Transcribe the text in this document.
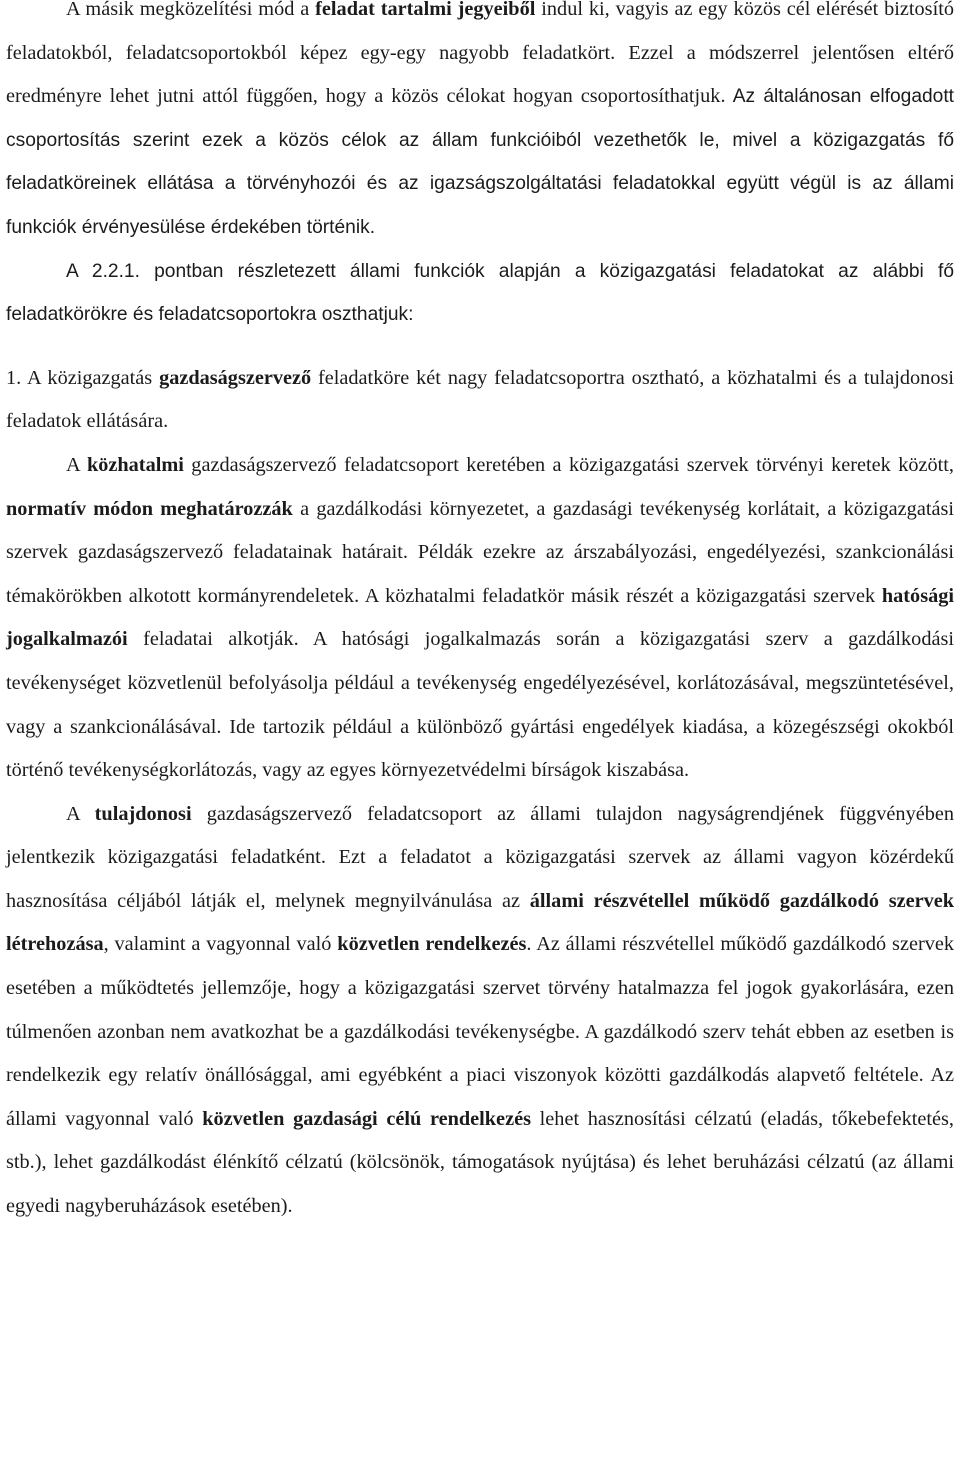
A másik megközelítési mód a feladat tartalmi jegyeiből indul ki, vagyis az egy közös cél elérését biztosító feladatokból, feladatcsoportokból képez egy-egy nagyobb feladatkört. Ezzel a módszerrel jelentősen eltérő eredményre lehet jutni attól függően, hogy a közös célokat hogyan csoportosíthatjuk. Az általánosan elfogadott csoportosítás szerint ezek a közös célok az állam funkcióiból vezethetők le, mivel a közigazgatás fő feladatköreinek ellátása a törvényhozói és az igazságszolgáltatási feladatokkal együtt végül is az állami funkciók érvényesülése érdekében történik.

A 2.2.1. pontban részletezett állami funkciók alapján a közigazgatási feladatokat az alábbi fő feladatkörökre és feladatcsoportokra oszthatjuk:

1. A közigazgatás gazdaságszervező feladatköre két nagy feladatcsoportra osztható, a közhatalmi és a tulajdonosi feladatok ellátására.

A közhatalmi gazdaságszervező feladatcsoport keretében a közigazgatási szervek törvényi keretek között, normatív módon meghatározzák a gazdálkodási környezetet, a gazdasági tevékenység korlátait, a közigazgatási szervek gazdaságszervező feladatainak határait. Példák ezekre az árszabályozási, engedélyezési, szankcionálási témakörökben alkotott kormányrendeletek. A közhatalmi feladatkör másik részét a közigazgatási szervek hatósági jogalkalmazói feladatai alkotják. A hatósági jogalkalmazás során a közigazgatási szerv a gazdálkodási tevékenységet közvetlenül befolyásolja például a tevékenység engedélyezésével, korlátozásával, megszüntetésével, vagy a szankcionálásával. Ide tartozik például a különböző gyártási engedélyek kiadása, a közegészségi okokból történő tevékenységkorlátozás, vagy az egyes környezetvédelmi bírságok kiszabása.

A tulajdonosi gazdaságszervező feladatcsoport az állami tulajdon nagyságrendjének függvényében jelentkezik közigazgatási feladatként. Ezt a feladatot a közigazgatási szervek az állami vagyon közérdekű hasznosítása céljából látják el, melynek megnyilvánulása az állami részvétellel működő gazdálkodó szervek létrehozása, valamint a vagyonnal való közvetlen rendelkezés. Az állami részvétellel működő gazdálkodó szervek esetében a működtetés jellemzője, hogy a közigazgatási szervet törvény hatalmazza fel jogok gyakorlására, ezen túlmenően azonban nem avatkozhat be a gazdálkodási tevékenységbe. A gazdálkodó szerv tehát ebben az esetben is rendelkezik egy relatív önállósággal, ami egyébként a piaci viszonyok közötti gazdálkodás alapvető feltétele. Az állami vagyonnal való közvetlen gazdasági célú rendelkezés lehet hasznosítási célzatú (eladás, tőkebefektetés, stb.), lehet gazdálkodást élénkítő célzatú (kölcsönök, támogatások nyújtása) és lehet beruházási célzatú (az állami egyedi nagyberuházások esetében).
